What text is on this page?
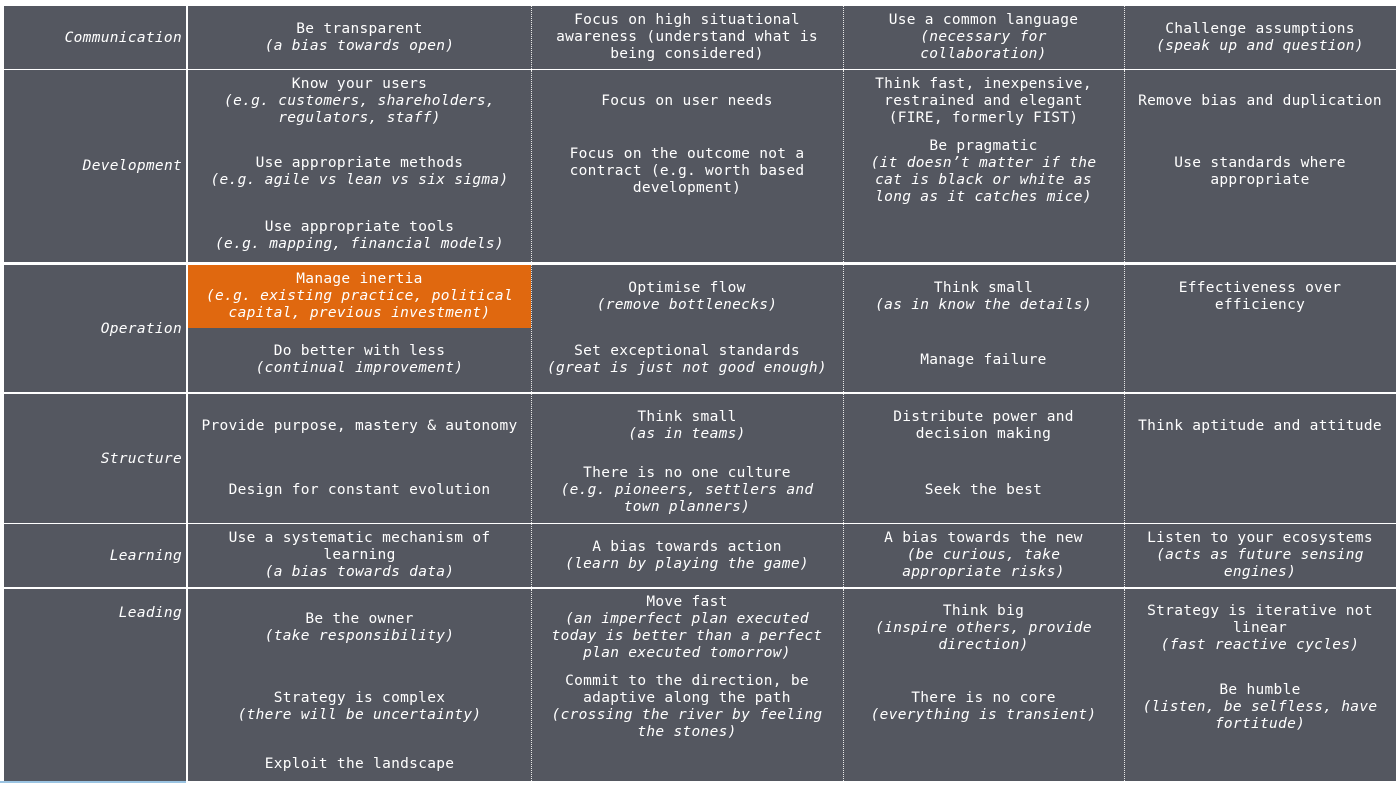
Communication
Be transparent
(a bias towards open)
Focus on high situational
awareness (understand what is
being considered)
Use a common language
(necessary for
collaboration)
Challenge assumptions
(speak up and question)
Development
Know your users
(e.g. customers, shareholders,
regulators, staff)
Focus on user needs
Think fast, inexpensive,
restrained and elegant
(FIRE, formerly FIST)
Remove bias and duplication
Use appropriate methods
(e.g. agile vs lean vs six sigma)
Focus on the outcome not a
contract (e.g. worth based
development)
Be pragmatic
(it doesn’t matter if the
cat is black or white as
long as it catches mice)
Use standards where
appropriate
Use appropriate tools
(e.g. mapping, financial models)
Operation
Manage inertia
(e.g. existing practice, political
capital, previous investment)
Optimise flow
(remove bottlenecks)
Think small
(as in know the details)
Effectiveness over
efficiency
Do better with less
(continual improvement)
Set exceptional standards
(great is just not good enough)
Manage failure
Structure
Provide purpose, mastery & autonomy
Think small
(as in teams)
Distribute power and
decision making
Think aptitude and attitude
Design for constant evolution
There is no one culture
(e.g. pioneers, settlers and
town planners)
Seek the best
Learning
Use a systematic mechanism of
learning
(a bias towards data)
A bias towards action
(learn by playing the game)
A bias towards the new
(be curious, take
appropriate risks)
Listen to your ecosystems
(acts as future sensing
engines)
Leading	Be the owner
(take responsibility)
Move fast
(an imperfect plan executed
today is better than a perfect
plan executed tomorrow)
Think big
(inspire others, provide
direction)
Strategy is iterative not
linear
(fast reactive cycles)
Strategy is complex
(there will be uncertainty)
Commit to the direction, be
adaptive along the path
(crossing the river by feeling
the stones)
There is no core
(everything is transient)
Be humble
(listen, be selfless, have
fortitude)
Exploit the landscape
